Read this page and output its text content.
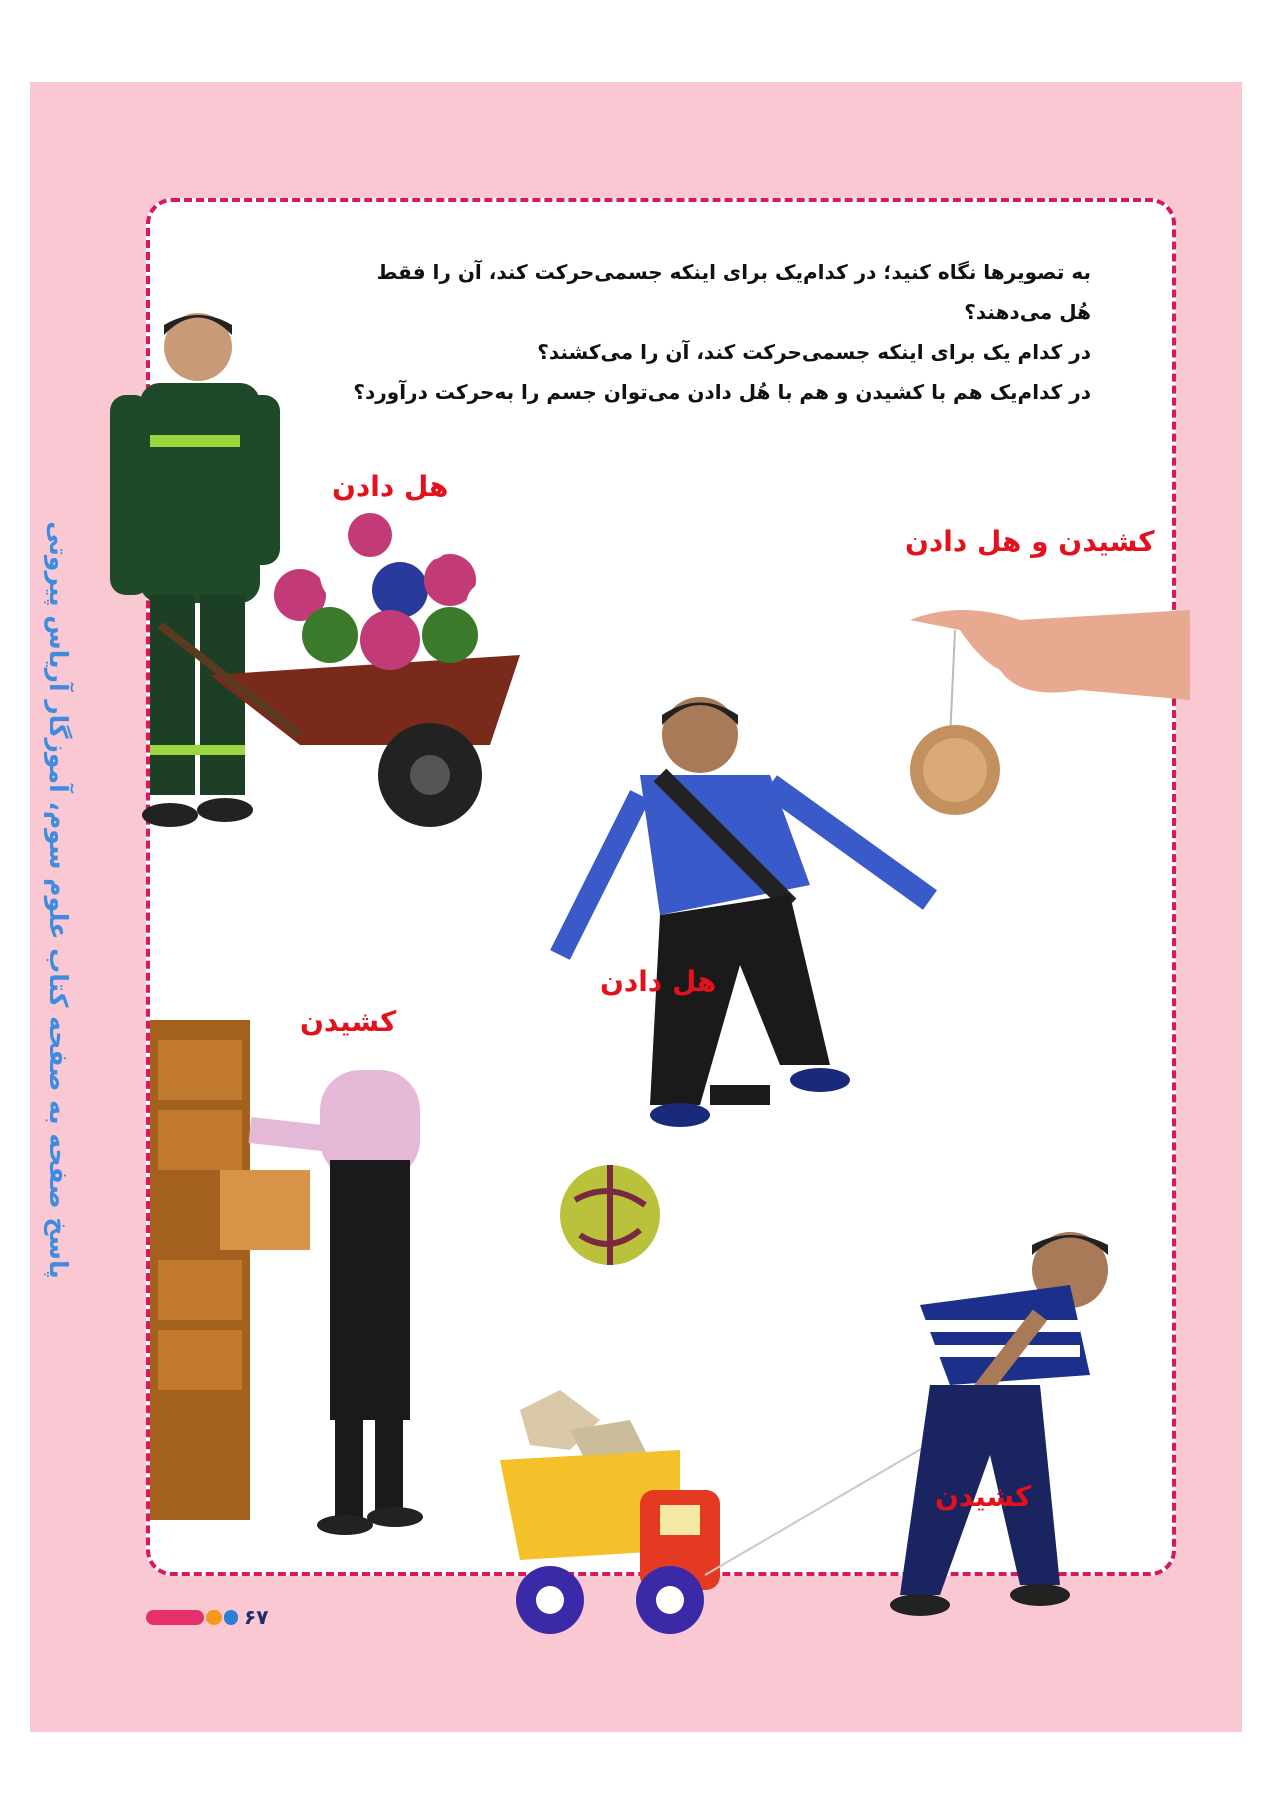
به تصویرها نگاه کنید؛ در کدام‌یک برای اینکه جسمی‌حرکت کند، آن را فقط

هُل می‌دهند؟

در کدام یک برای اینکه جسمی‌حرکت کند، آن را می‌کشند؟

در کدام‌یک هم با کشیدن و هم با هُل دادن می‌توان جسم را به‌حرکت درآورد؟

پاسخ صفحه به صفحه کتاب علوم سوم، آموزگار آریاس پیروتی
هل دادن
کشیدن و هل دادن
هل دادن
کشیدن
کشیدن
۶۷
